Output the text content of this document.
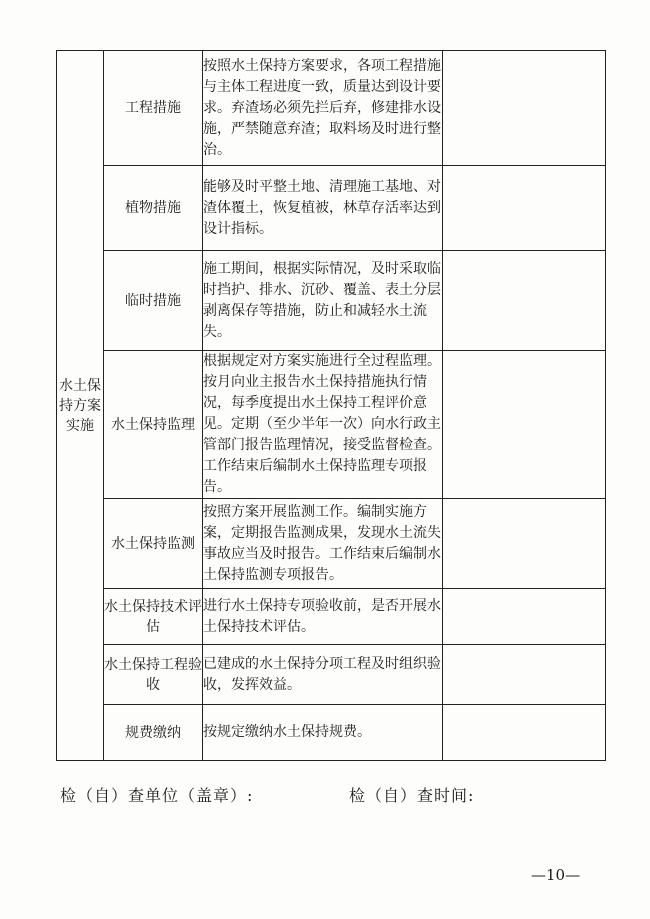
水土保持方案实施	工程措施	按照水土保持方案要求，各项工程措施与主体工程进度一致，质量达到设计要求。弃渣场必须先拦后弃，修建排水设施，严禁随意弃渣；取料场及时进行整治。	
	植物措施	能够及时平整土地、清理施工基地、对渣体覆土，恢复植被，林草存活率达到设计指标。	
	临时措施	施工期间，根据实际情况，及时采取临时挡护、排水、沉砂、覆盖、表土分层剥离保存等措施，防止和减轻水土流失。	
	水土保持监理	根据规定对方案实施进行全过程监理。按月向业主报告水土保持措施执行情况，每季度提出水土保持工程评价意见。定期（至少半年一次）向水行政主管部门报告监理情况，接受监督检查。工作结束后编制水土保持监理专项报告。	
	水土保持监测	按照方案开展监测工作。编制实施方案，定期报告监测成果，发现水土流失事故应当及时报告。工作结束后编制水土保持监测专项报告。	
	水土保持技术评估	进行水土保持专项验收前，是否开展水土保持技术评估。	
	水土保持工程验收	已建成的水土保持分项工程及时组织验收，发挥效益。	
	规费缴纳	按规定缴纳水土保持规费。	
检（自）查单位（盖章）:	检（自）查时间:
—10—
